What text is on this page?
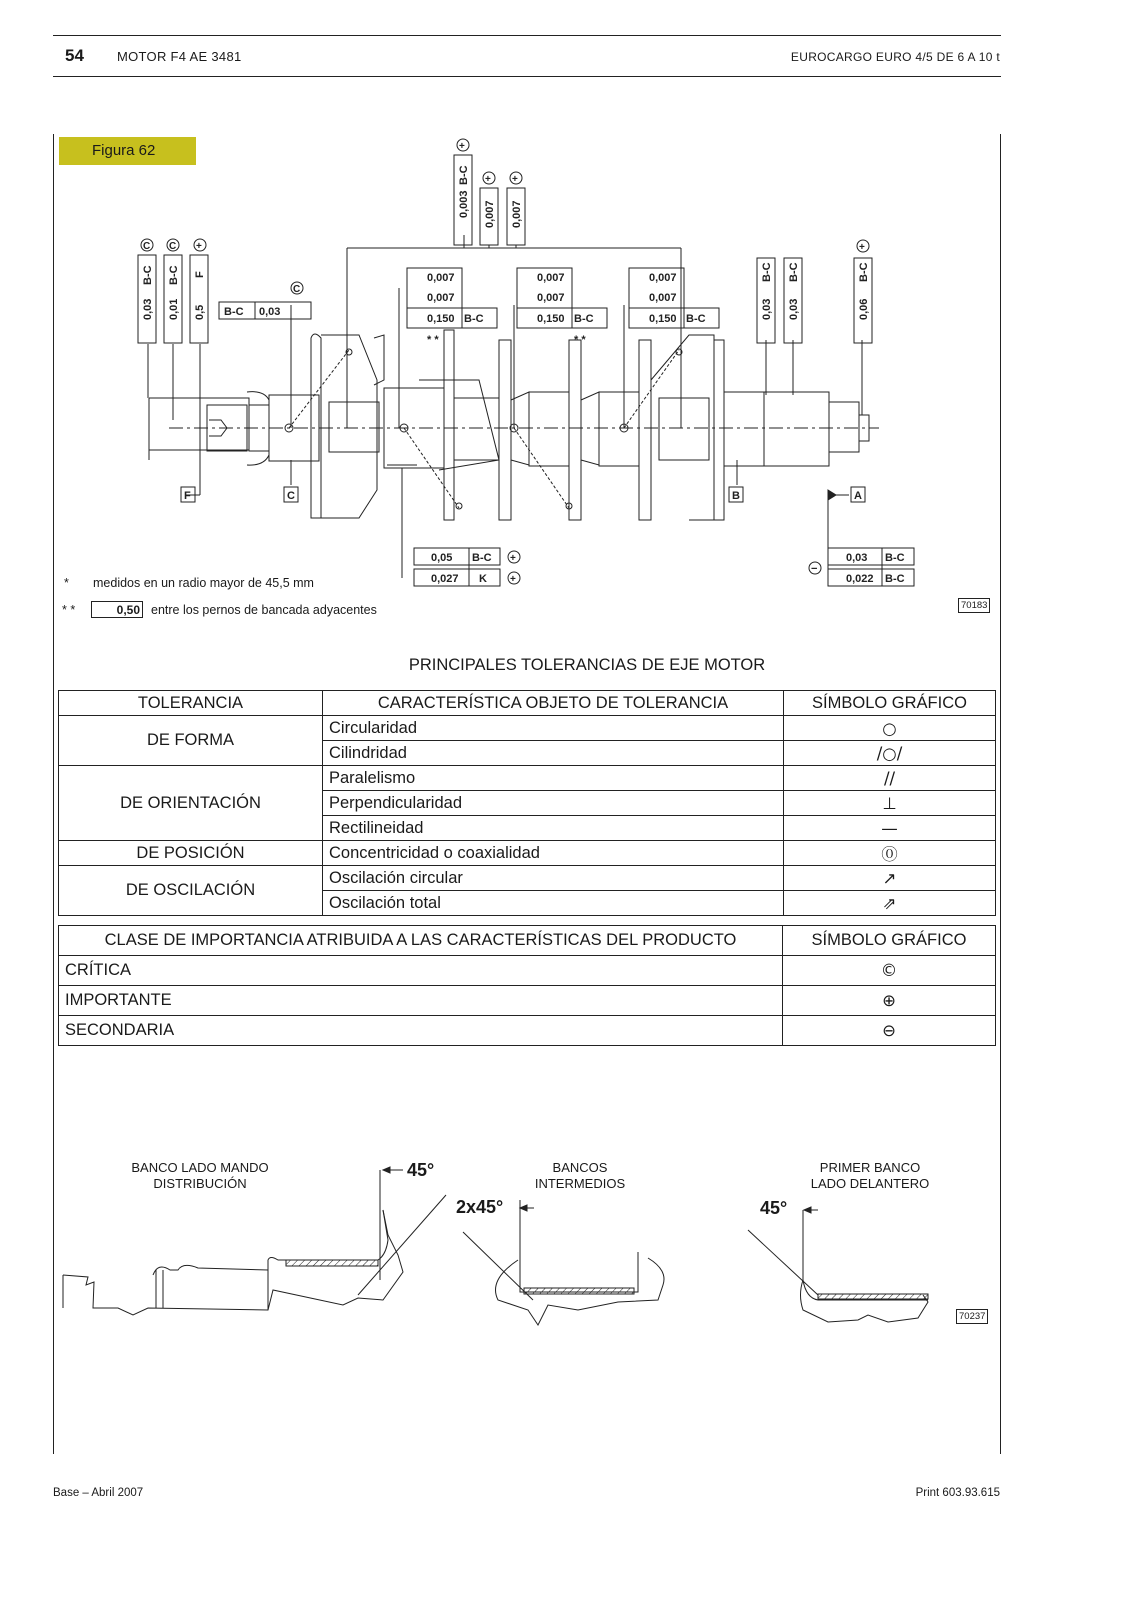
54	MOTOR F4 AE 3481	EUROCARGO EURO 4/5 DE 6 A 10 t
Figura 62
0,003
B-C
0,007 0,007
+
+ +
0,03
B-C
0,01
B-C
0,5
F
C C +
B-C 0,03
C
0,007
0,007
0,150 B-C
0,007
0,007
0,150 B-C
0,007
0,007
0,150 B-C
* *	* *
0,03
B-C
0,03
B-C
0,06
B-C
+
F	C	B	A
0,05 B-C
0,027 K
+
+
0,03 B-C
0,022 B-C
−
* medidos en un radio mayor de 45,5 mm
* *	0,50 entre los pernos de bancada adyacentes	70183
PRINCIPALES TOLERANCIAS DE EJE MOTOR
TOLERANCIA	CARACTERÍSTICA OBJETO DE TOLERANCIA	SÍMBOLO GRÁFICO
DE FORMA	Circularidad	○
	Cilindridad	/○/
DE ORIENTACIÓN	Paralelismo	//
	Perpendicularidad	⊥
	Rectilineidad	—
DE POSICIÓN	Concentricidad o coaxialidad	⓪
DE OSCILACIÓN	Oscilación circular	↗
	Oscilación total	⇗
CLASE DE IMPORTANCIA ATRIBUIDA A LAS CARACTERÍSTICAS DEL PRODUCTO	SÍMBOLO GRÁFICO
CRÍTICA	©
IMPORTANTE	⊕
SECONDARIA	⊖
BANCO LADO MANDO
DISTRIBUCIÓN
BANCOS
INTERMEDIOS
PRIMER BANCO
LADO DELANTERO
45°
2x45°	45°
70237
Base – Abril 2007	Print 603.93.615
